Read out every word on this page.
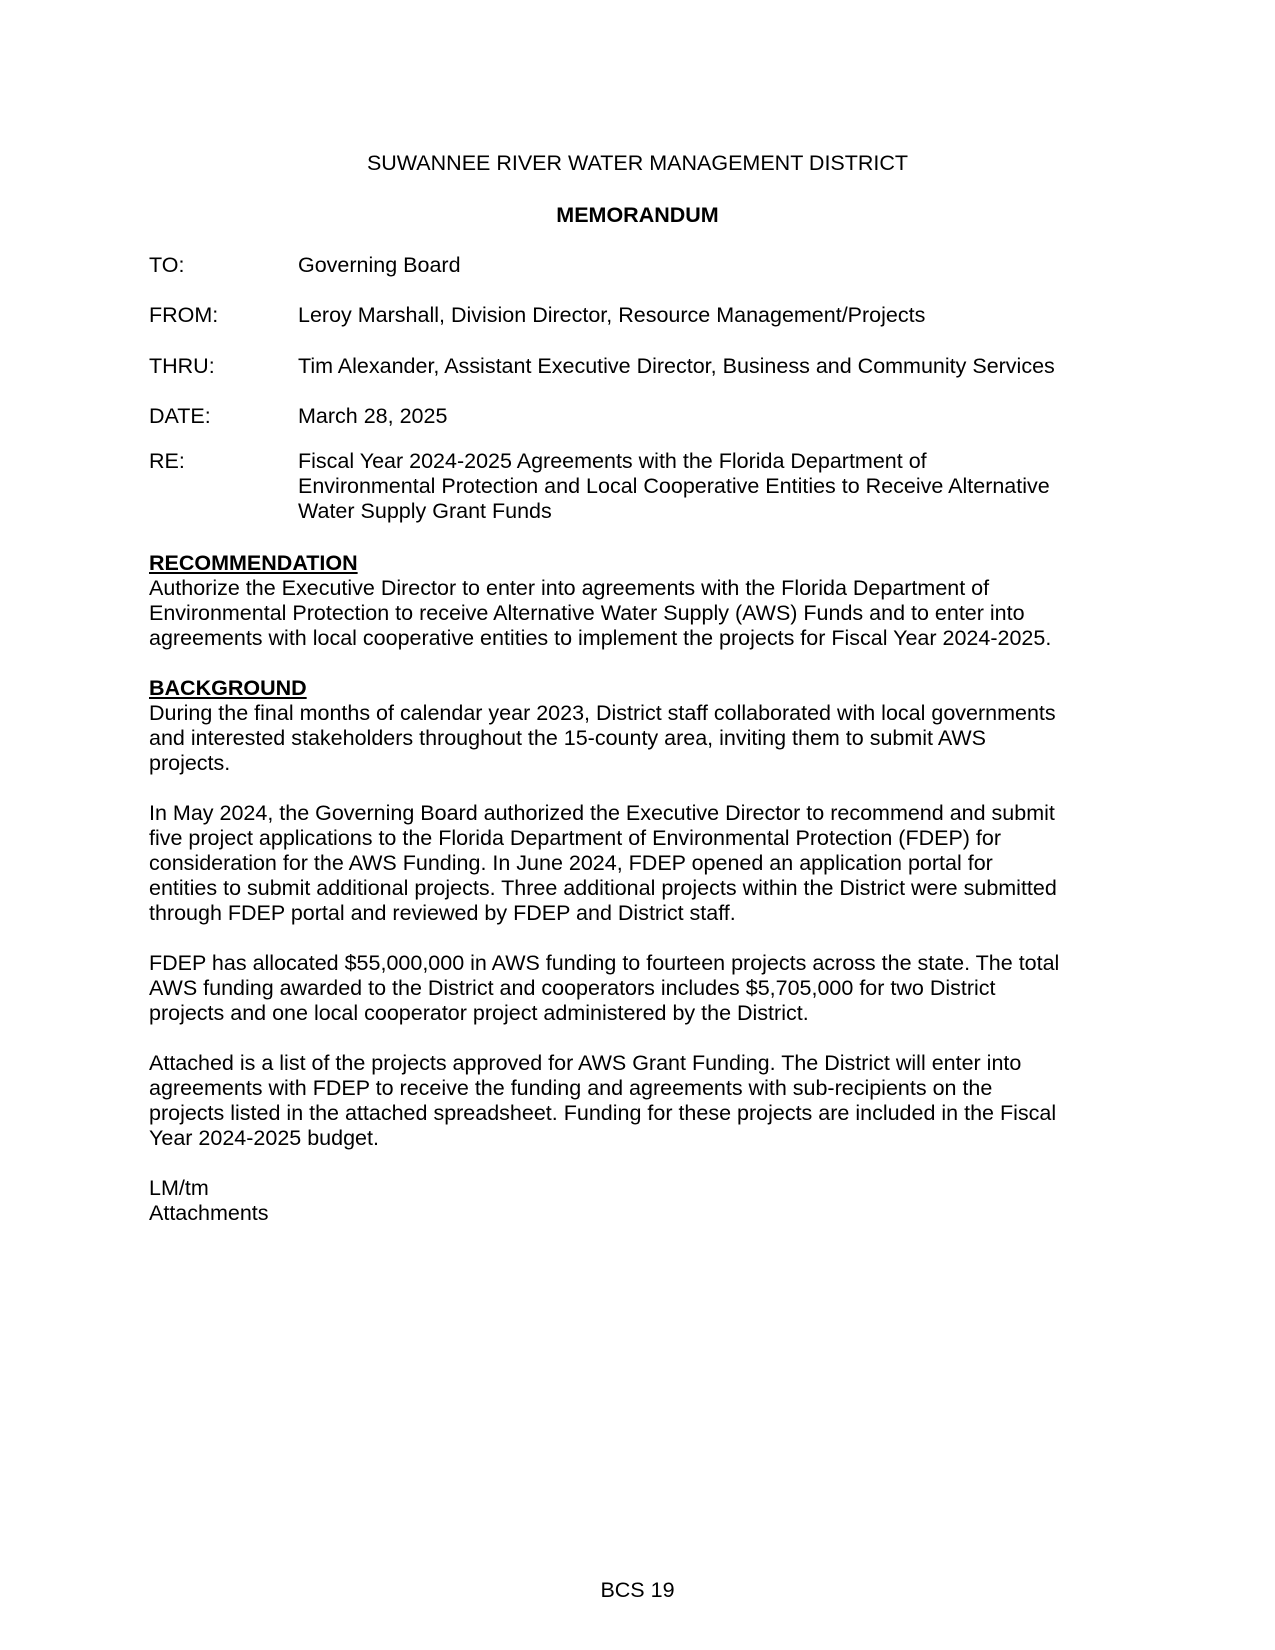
SUWANNEE RIVER WATER MANAGEMENT DISTRICT
MEMORANDUM
TO:	Governing Board
FROM:	Leroy Marshall, Division Director, Resource Management/Projects
THRU:	Tim Alexander, Assistant Executive Director, Business and Community Services
DATE:	March 28, 2025
RE:	Fiscal Year 2024-2025 Agreements with the Florida Department of
Environmental Protection and Local Cooperative Entities to Receive Alternative
Water Supply Grant Funds
RECOMMENDATION
Authorize the Executive Director to enter into agreements with the Florida Department of
Environmental Protection to receive Alternative Water Supply (AWS) Funds and to enter into
agreements with local cooperative entities to implement the projects for Fiscal Year 2024-2025.
BACKGROUND
During the final months of calendar year 2023, District staff collaborated with local governments
and interested stakeholders throughout the 15-county area, inviting them to submit AWS
projects.
In May 2024, the Governing Board authorized the Executive Director to recommend and submit
five project applications to the Florida Department of Environmental Protection (FDEP) for
consideration for the AWS Funding. In June 2024, FDEP opened an application portal for
entities to submit additional projects. Three additional projects within the District were submitted
through FDEP portal and reviewed by FDEP and District staff.
FDEP has allocated $55,000,000 in AWS funding to fourteen projects across the state. The total
AWS funding awarded to the District and cooperators includes $5,705,000 for two District
projects and one local cooperator project administered by the District.
Attached is a list of the projects approved for AWS Grant Funding. The District will enter into
agreements with FDEP to receive the funding and agreements with sub-recipients on the
projects listed in the attached spreadsheet. Funding for these projects are included in the Fiscal
Year 2024-2025 budget.
LM/tm
Attachments
BCS 19
